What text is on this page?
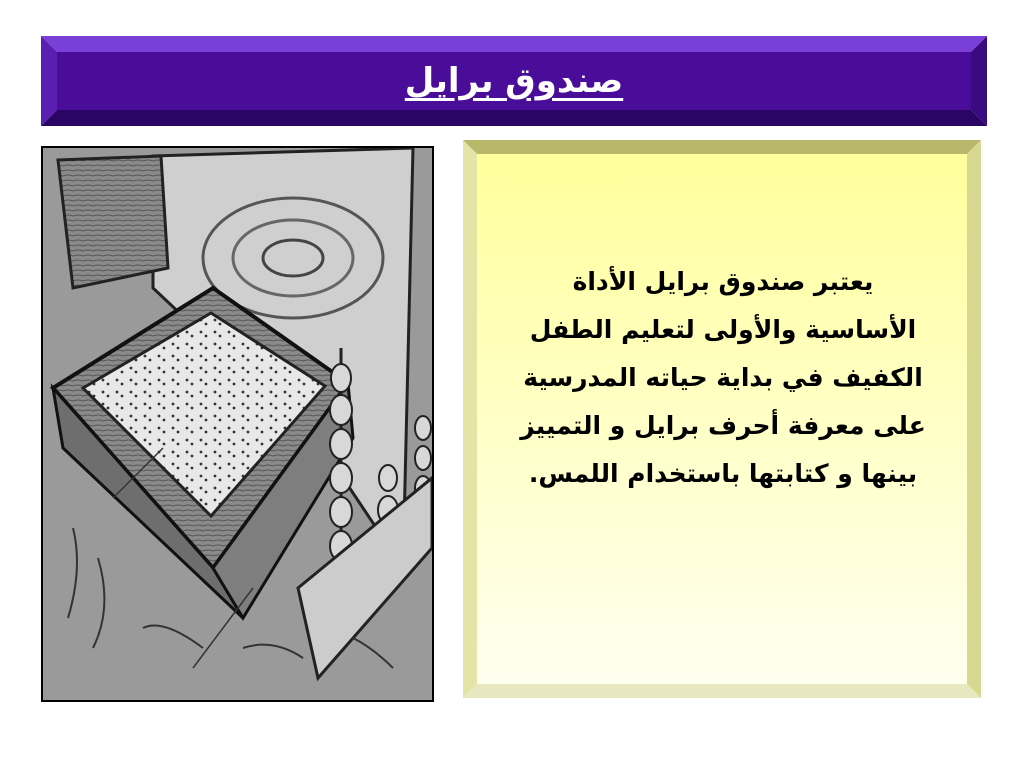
صندوق برايل
يعتبر صندوق برايل الأداة
الأساسية والأولى لتعليم الطفل
الكفيف في بداية حياته المدرسية
على معرفة أحرف برايل و التمييز
بينها و كتابتها باستخدام اللمس.
